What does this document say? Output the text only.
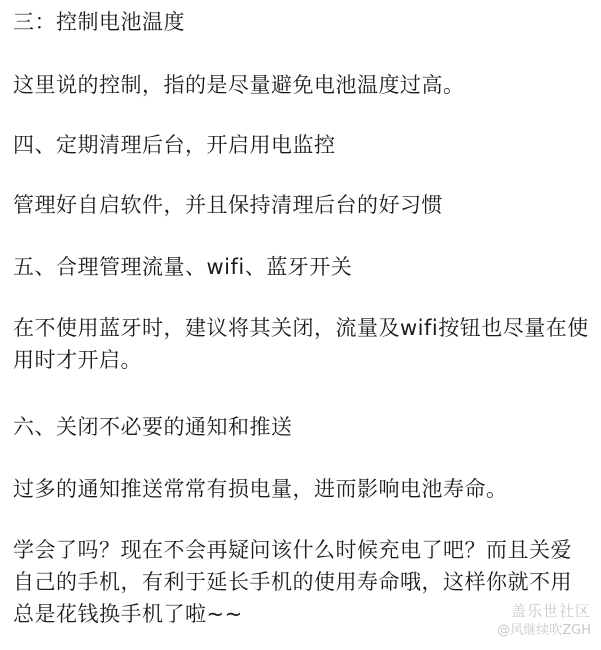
三：控制电池温度

这里说的控制，指的是尽量避免电池温度过高。

四、定期清理后台，开启用电监控

管理好自启软件，并且保持清理后台的好习惯

五、合理管理流量、wifi、蓝牙开关

在不使用蓝牙时，建议将其关闭，流量及wifi按钮也尽量在使用时才开启。

六、关闭不必要的通知和推送

过多的通知推送常常有损电量，进而影响电池寿命。

学会了吗？现在不会再疑问该什么时候充电了吧？而且关爱自己的手机，有利于延长手机的使用寿命哦，这样你就不用总是花钱换手机了啦~~	盖乐世社区
@风继续吹ZGH
